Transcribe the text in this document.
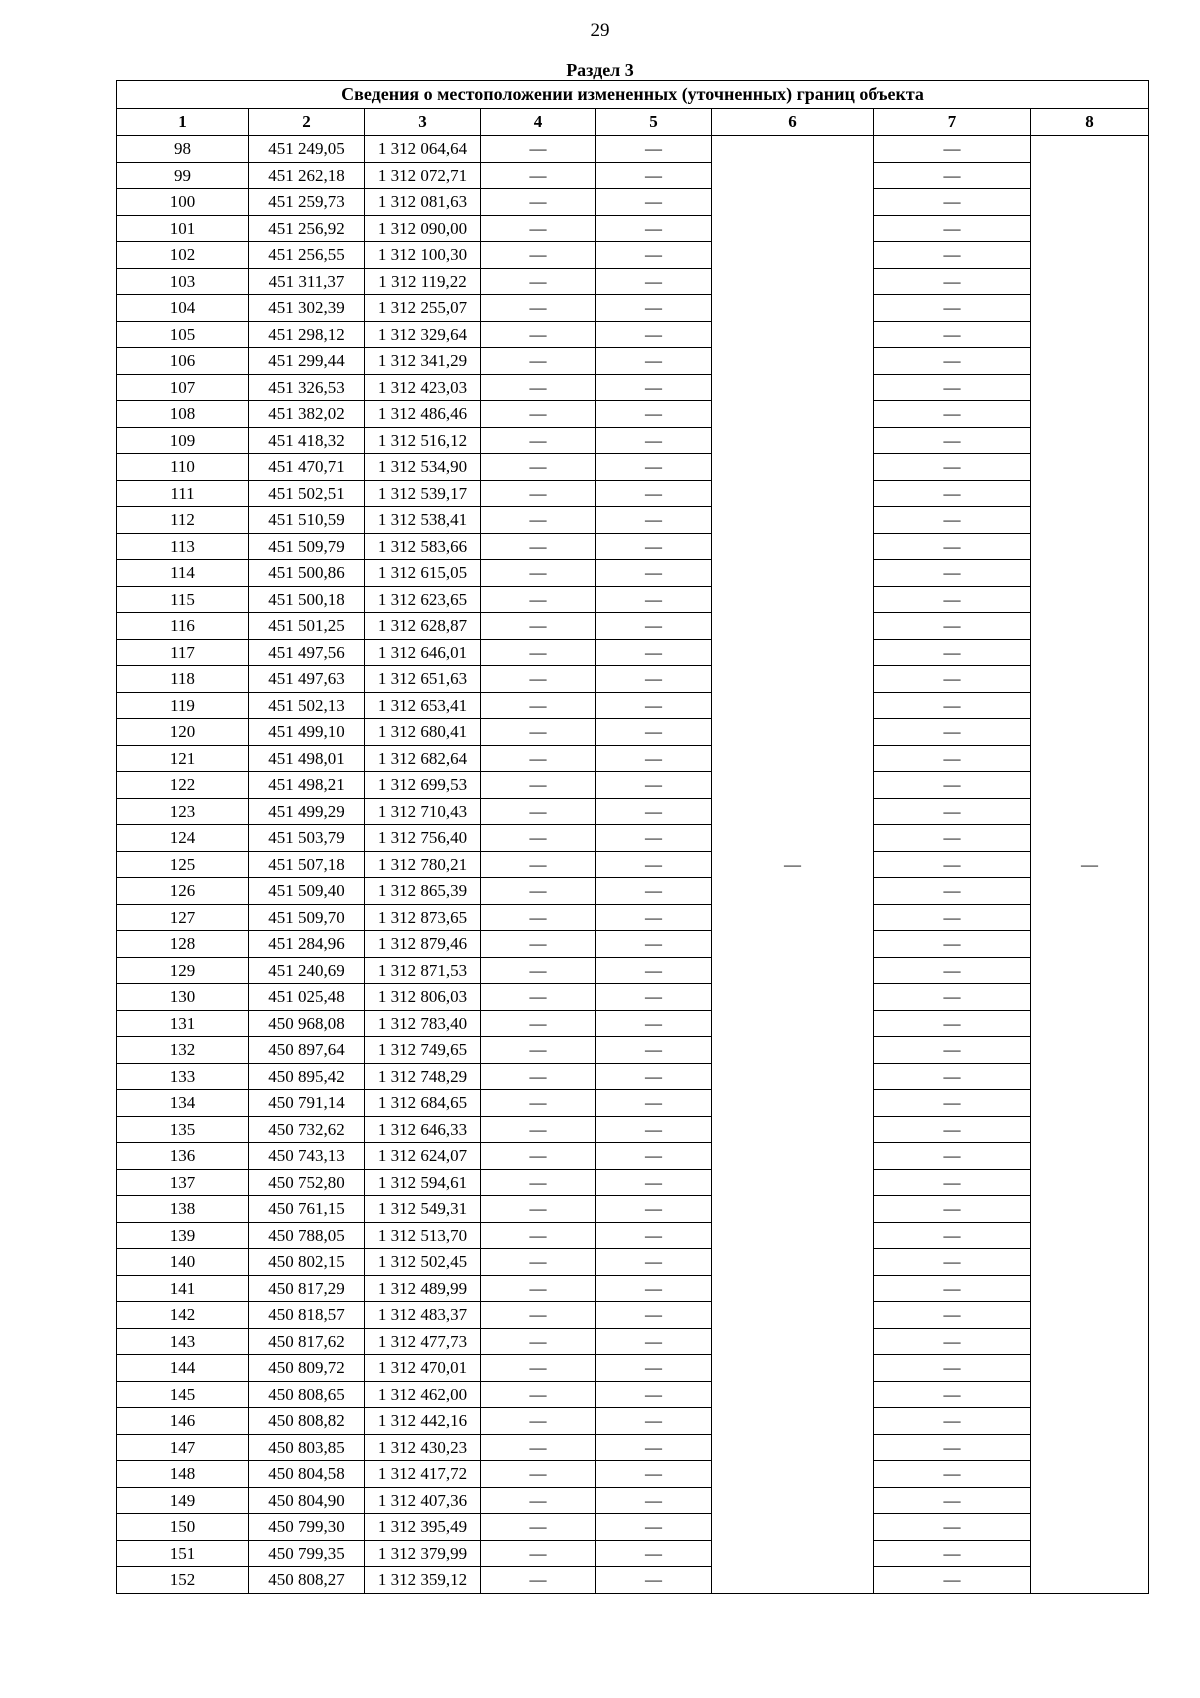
29
Раздел 3
Сведения о местоположении измененных (уточненных) границ объекта							
1	2	3	4	5	6	7	8
98	451 249,05	1 312 064,64	—	—	—	—	—
99	451 262,18	1 312 072,71	—	—		—	
100	451 259,73	1 312 081,63	—	—		—	
101	451 256,92	1 312 090,00	—	—		—	
102	451 256,55	1 312 100,30	—	—		—	
103	451 311,37	1 312 119,22	—	—		—	
104	451 302,39	1 312 255,07	—	—		—	
105	451 298,12	1 312 329,64	—	—		—	
106	451 299,44	1 312 341,29	—	—		—	
107	451 326,53	1 312 423,03	—	—		—	
108	451 382,02	1 312 486,46	—	—		—	
109	451 418,32	1 312 516,12	—	—		—	
110	451 470,71	1 312 534,90	—	—		—	
111	451 502,51	1 312 539,17	—	—		—	
112	451 510,59	1 312 538,41	—	—		—	
113	451 509,79	1 312 583,66	—	—		—	
114	451 500,86	1 312 615,05	—	—		—	
115	451 500,18	1 312 623,65	—	—		—	
116	451 501,25	1 312 628,87	—	—		—	
117	451 497,56	1 312 646,01	—	—		—	
118	451 497,63	1 312 651,63	—	—		—	
119	451 502,13	1 312 653,41	—	—		—	
120	451 499,10	1 312 680,41	—	—		—	
121	451 498,01	1 312 682,64	—	—		—	
122	451 498,21	1 312 699,53	—	—		—	
123	451 499,29	1 312 710,43	—	—		—	
124	451 503,79	1 312 756,40	—	—		—	
125	451 507,18	1 312 780,21	—	—		—	
126	451 509,40	1 312 865,39	—	—		—	
127	451 509,70	1 312 873,65	—	—		—	
128	451 284,96	1 312 879,46	—	—		—	
129	451 240,69	1 312 871,53	—	—		—	
130	451 025,48	1 312 806,03	—	—		—	
131	450 968,08	1 312 783,40	—	—		—	
132	450 897,64	1 312 749,65	—	—		—	
133	450 895,42	1 312 748,29	—	—		—	
134	450 791,14	1 312 684,65	—	—		—	
135	450 732,62	1 312 646,33	—	—		—	
136	450 743,13	1 312 624,07	—	—		—	
137	450 752,80	1 312 594,61	—	—		—	
138	450 761,15	1 312 549,31	—	—		—	
139	450 788,05	1 312 513,70	—	—		—	
140	450 802,15	1 312 502,45	—	—		—	
141	450 817,29	1 312 489,99	—	—		—	
142	450 818,57	1 312 483,37	—	—		—	
143	450 817,62	1 312 477,73	—	—		—	
144	450 809,72	1 312 470,01	—	—		—	
145	450 808,65	1 312 462,00	—	—		—	
146	450 808,82	1 312 442,16	—	—		—	
147	450 803,85	1 312 430,23	—	—		—	
148	450 804,58	1 312 417,72	—	—		—	
149	450 804,90	1 312 407,36	—	—		—	
150	450 799,30	1 312 395,49	—	—		—	
151	450 799,35	1 312 379,99	—	—		—	
152	450 808,27	1 312 359,12	—	—		—	
